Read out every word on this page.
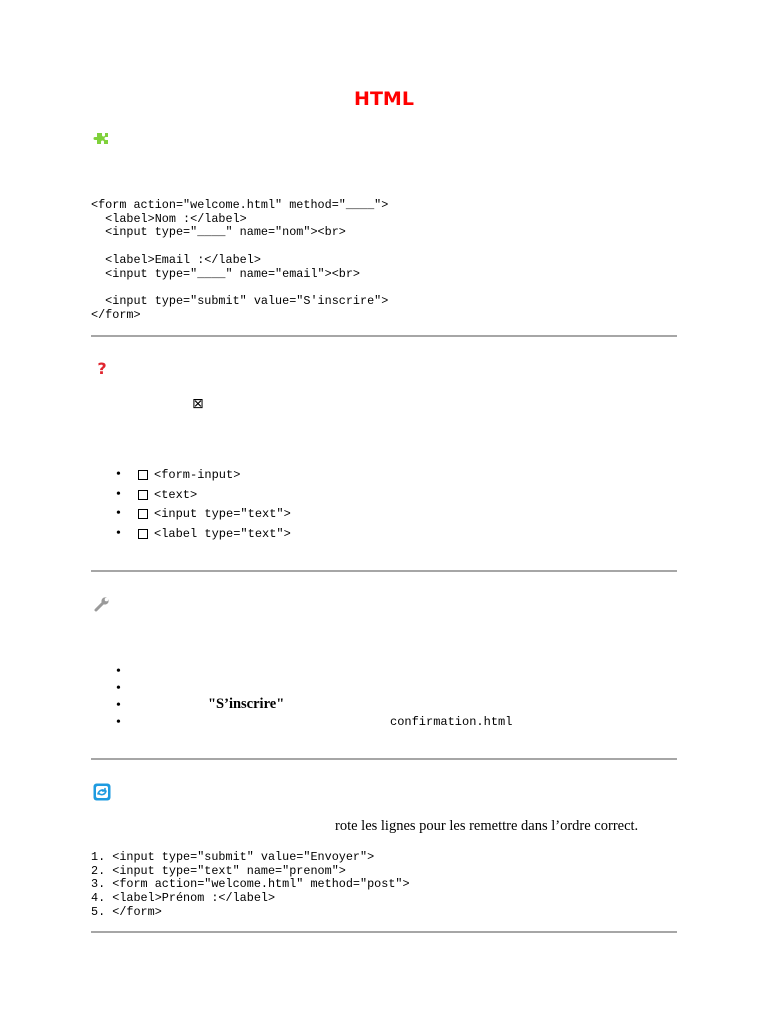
HTML
<form action="welcome.html" method="____">
<label>Nom :</label>
<input type="____" name="nom"><br>

<label>Email :</label>
<input type="____" name="email"><br>

<input type="submit" value="S'inscrire">
</form>
?
⊠
•	<form-input>
•	<text>
•	<input type="text">
•	<label type="text">
•
•
•	"S’inscrire"
•	confirmation.html
rote les lignes pour les remettre dans l’ordre correct.
1. <input type="submit" value="Envoyer">
2. <input type="text" name="prenom">
3. <form action="welcome.html" method="post">
4. <label>Prénom :</label>
5. </form>
